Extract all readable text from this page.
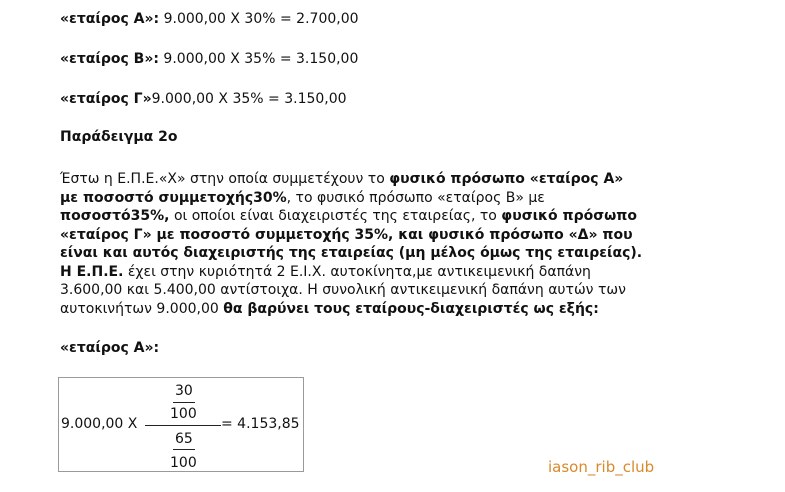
«εταίρος Α»: 9.000,00 Χ 30% = 2.700,00
«εταίρος Β»: 9.000,00 Χ 35% = 3.150,00
«εταίρος Γ»9.000,00 Χ 35% = 3.150,00
Παράδειγμα 2ο
Έστω η Ε.Π.Ε.«Χ» στην οποία συμμετέχουν το φυσικό πρόσωπο «εταίρος Α»
με ποσοστό συμμετοχής30%, το φυσικό πρόσωπο «εταίρος Β» με
ποσοστό35%, οι οποίοι είναι διαχειριστές της εταιρείας, το φυσικό πρόσωπο
«εταίρος Γ» με ποσοστό συμμετοχής 35%, και φυσικό πρόσωπο «Δ» που
είναι και αυτός διαχειριστής της εταιρείας (μη μέλος όμως της εταιρείας).
Η Ε.Π.Ε. έχει στην κυριότητά 2 Ε.Ι.Χ. αυτοκίνητα,με αντικειμενική δαπάνη
3.600,00 και 5.400,00 αντίστοιχα. Η συνολική αντικειμενική δαπάνη αυτών των
αυτοκινήτων 9.000,00 θα βαρύνει τους εταίρους-διαχειριστές ως εξής:
«εταίρος Α»:
9.000,00 Χ
30
100
65
100
= 4.153,85
iason_rib_club
